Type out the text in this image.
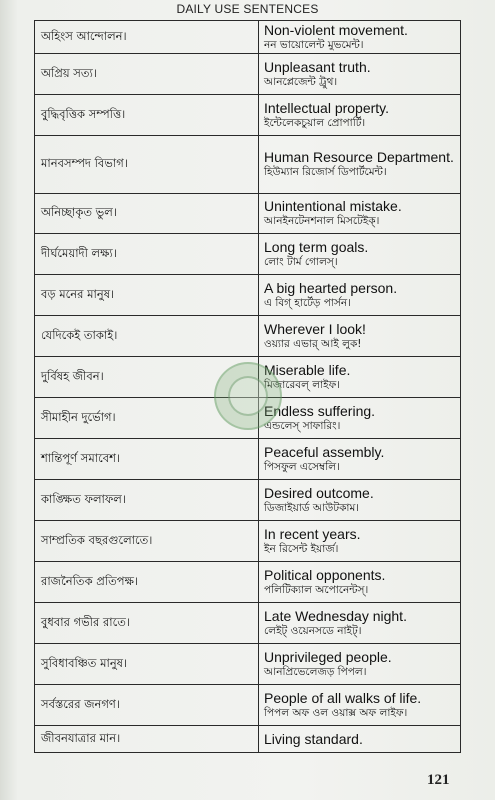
DAILY USE SENTENCES
অহিংস আন্দোলন।	Non-violent movement.
নন ভায়োলেন্ট মুভমেন্ট।

অপ্রিয় সত্য।	Unpleasant truth.
আনপ্লেজেন্ট ট্রুথ।

বুদ্ধিবৃত্তিক সম্পত্তি।	Intellectual property.
ইন্টেলেকচুয়াল প্রোপার্টি।

মানবসম্পদ বিভাগ।	Human Resource Department.
হিউম্যান রিজোর্স ডিপার্টমেন্ট।

অনিচ্ছাকৃত ভুল।	Unintentional mistake.
আনইনটেনশনাল মিসটেইক্।

দীর্ঘমেয়াদী লক্ষ্য।	Long term goals.
লোং টার্ম গোলস্।

বড় মনের মানুষ।	A big hearted person.
এ বিগ্ হার্টেড় পার্সন।

যেদিকেই তাকাই।	Wherever I look!
ওয়্যার এভার্ আই লুক!

দুর্বিষহ জীবন।	Miserable life.
মিজারেবল্ লাইফ।

সীমাহীন দুর্ভোগ।	Endless suffering.
এন্ডলেস্ সাফারিং।

শান্তিপূর্ণ সমাবেশ।	Peaceful assembly.
পিসফুল এসেম্বলি।

কাঙ্ক্ষিত ফলাফল।	Desired outcome.
ডিজাইয়ার্ড আউটকাম।

সাম্প্রতিক বছরগুলোতে।	In recent years.
ইন রিসেন্ট ইয়ার্জ।

রাজনৈতিক প্রতিপক্ষ।	Political opponents.
পলিটিক্যাল অপোনেন্টস্।

বুধবার গভীর রাতে।	Late Wednesday night.
লেইট্ ওয়েনসডে নাইট্।

সুবিধাবঞ্চিত মানুষ।	Unprivileged people.
আনপ্রিভেলেজড় পিপল।

সর্বস্তরের জনগণ।	People of all walks of life.
পিপল অফ ওল ওয়াক্স অফ লাইফ।

জীবনযাত্রার মান।	Living standard.
121
